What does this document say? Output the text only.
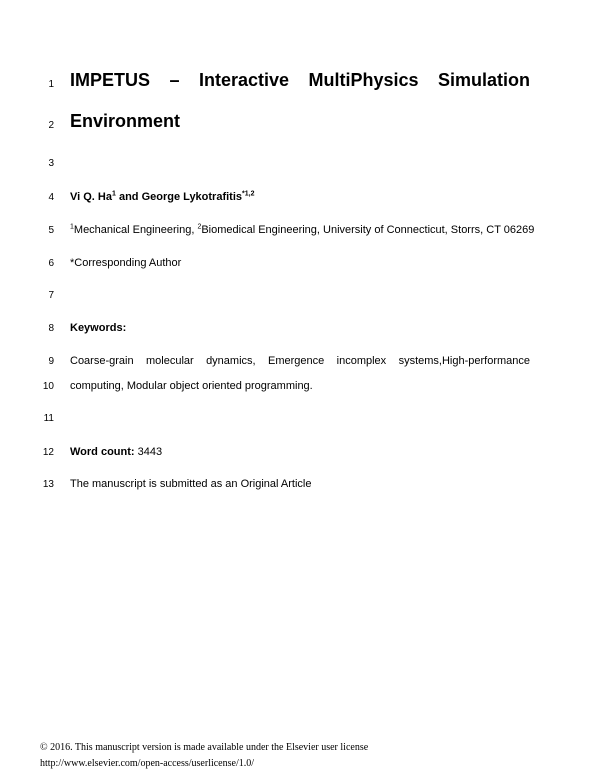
1 IMPETUS – Interactive MultiPhysics Simulation
2 Environment
3
4 Vi Q. Ha$^1$ and George Lykotrafitis$^{*1,2}$
5 $^1$Mechanical Engineering, $^2$Biomedical Engineering, University of Connecticut, Storrs, CT 06269
6 *Corresponding Author
7
8 Keywords:
9 Coarse-grain molecular dynamics, Emergence incomplex systems,High-performance
10 computing, Modular object oriented programming.
11
12 Word count: 3443
13 The manuscript is submitted as an Original Article
© 2016. This manuscript version is made available under the Elsevier user license
http://www.elsevier.com/open-access/userlicense/1.0/
